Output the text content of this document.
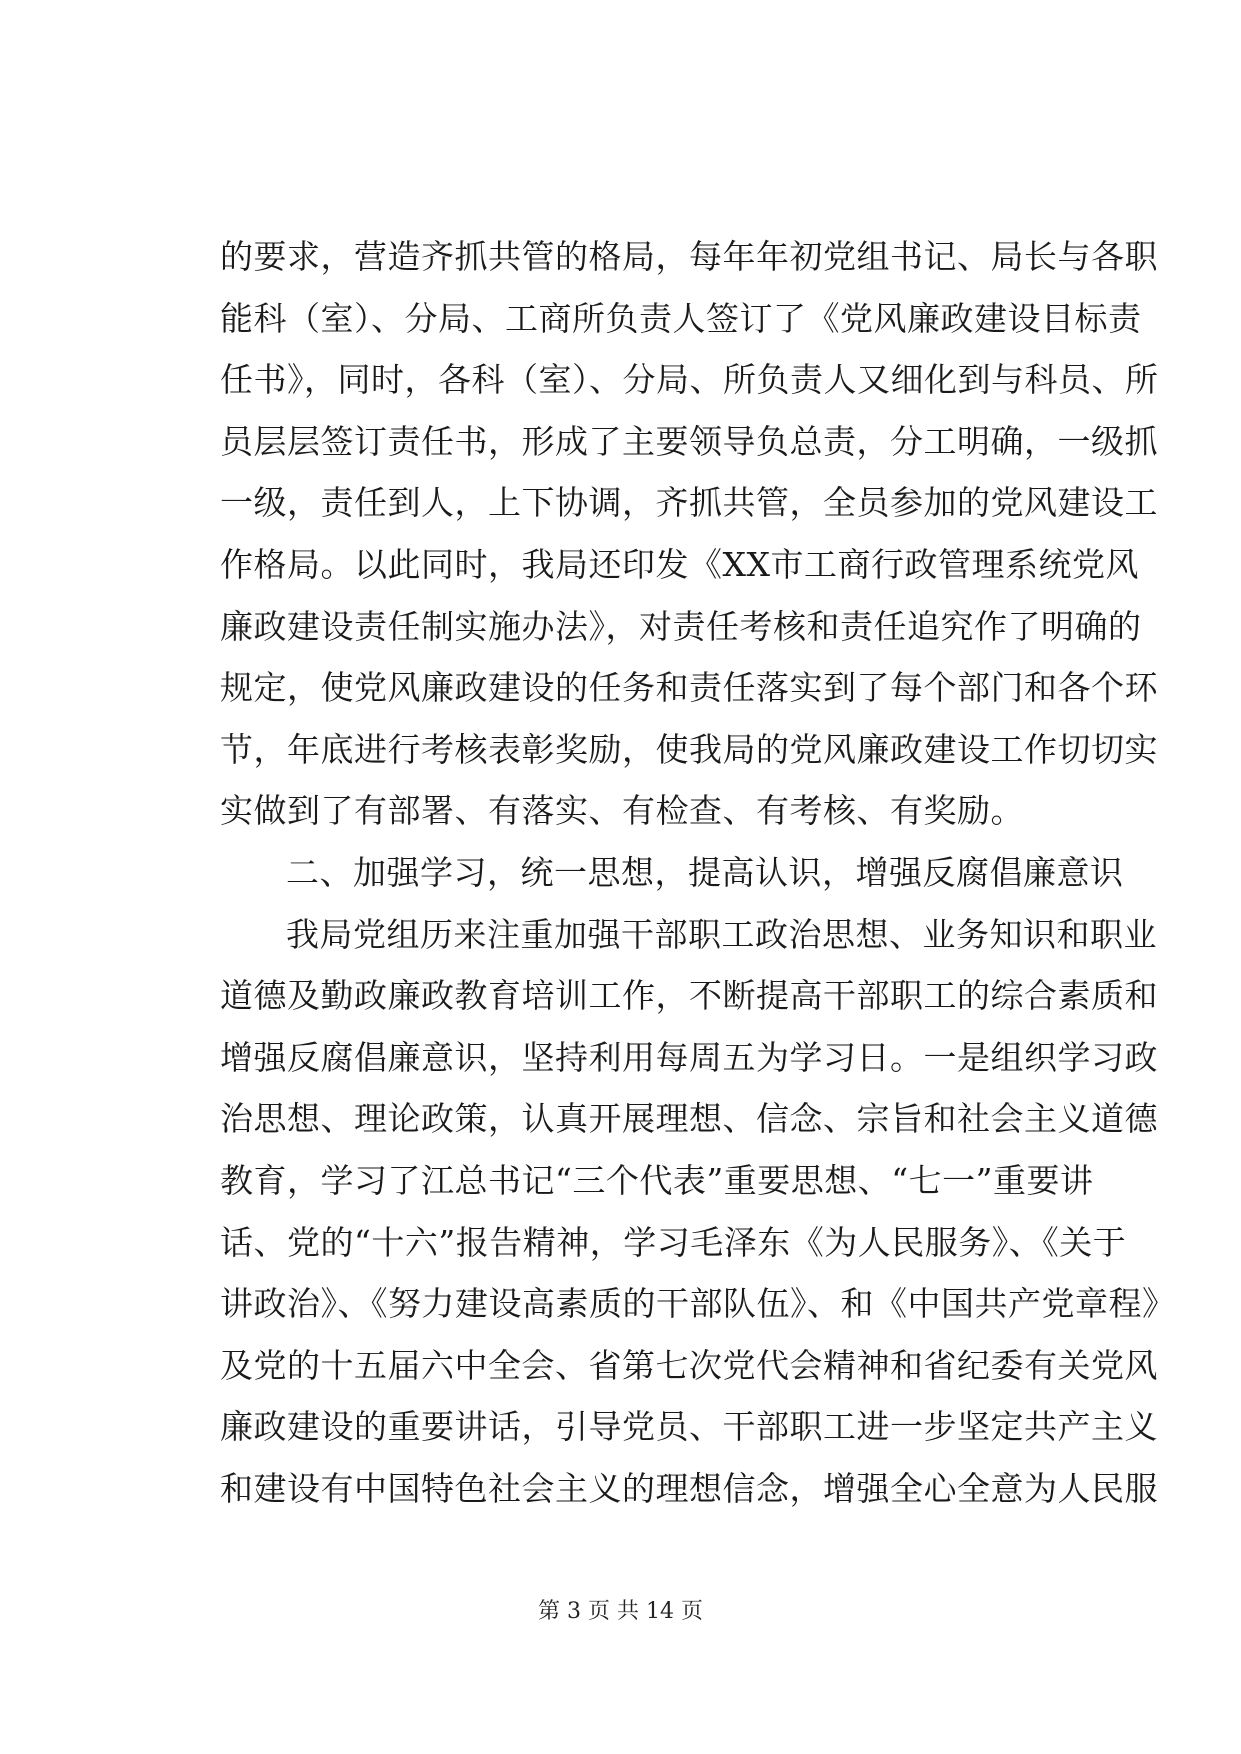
的要求，营造齐抓共管的格局，每年年初党组书记、局长与各职
能科（室）、分局、工商所负责人签订了《党风廉政建设目标责
任书》，同时，各科（室）、分局、所负责人又细化到与科员、所
员层层签订责任书，形成了主要领导负总责，分工明确，一级抓
一级，责任到人，上下协调，齐抓共管，全员参加的党风建设工
作格局。以此同时，我局还印发《XX市工商行政管理系统党风
廉政建设责任制实施办法》，对责任考核和责任追究作了明确的
规定，使党风廉政建设的任务和责任落实到了每个部门和各个环
节，年底进行考核表彰奖励，使我局的党风廉政建设工作切切实
实做到了有部署、有落实、有检查、有考核、有奖励。
二、加强学习，统一思想，提高认识，增强反腐倡廉意识
我局党组历来注重加强干部职工政治思想、业务知识和职业
道德及勤政廉政教育培训工作，不断提高干部职工的综合素质和
增强反腐倡廉意识，坚持利用每周五为学习日。一是组织学习政
治思想、理论政策，认真开展理想、信念、宗旨和社会主义道德
教育，学习了江总书记“三个代表”重要思想、“七一”重要讲
话、党的“十六”报告精神，学习毛泽东《为人民服务》、《关于
讲政治》、《努力建设高素质的干部队伍》、和《中国共产党章程》
及党的十五届六中全会、省第七次党代会精神和省纪委有关党风
廉政建设的重要讲话，引导党员、干部职工进一步坚定共产主义
和建设有中国特色社会主义的理想信念，增强全心全意为人民服
第 3 页 共 14 页
